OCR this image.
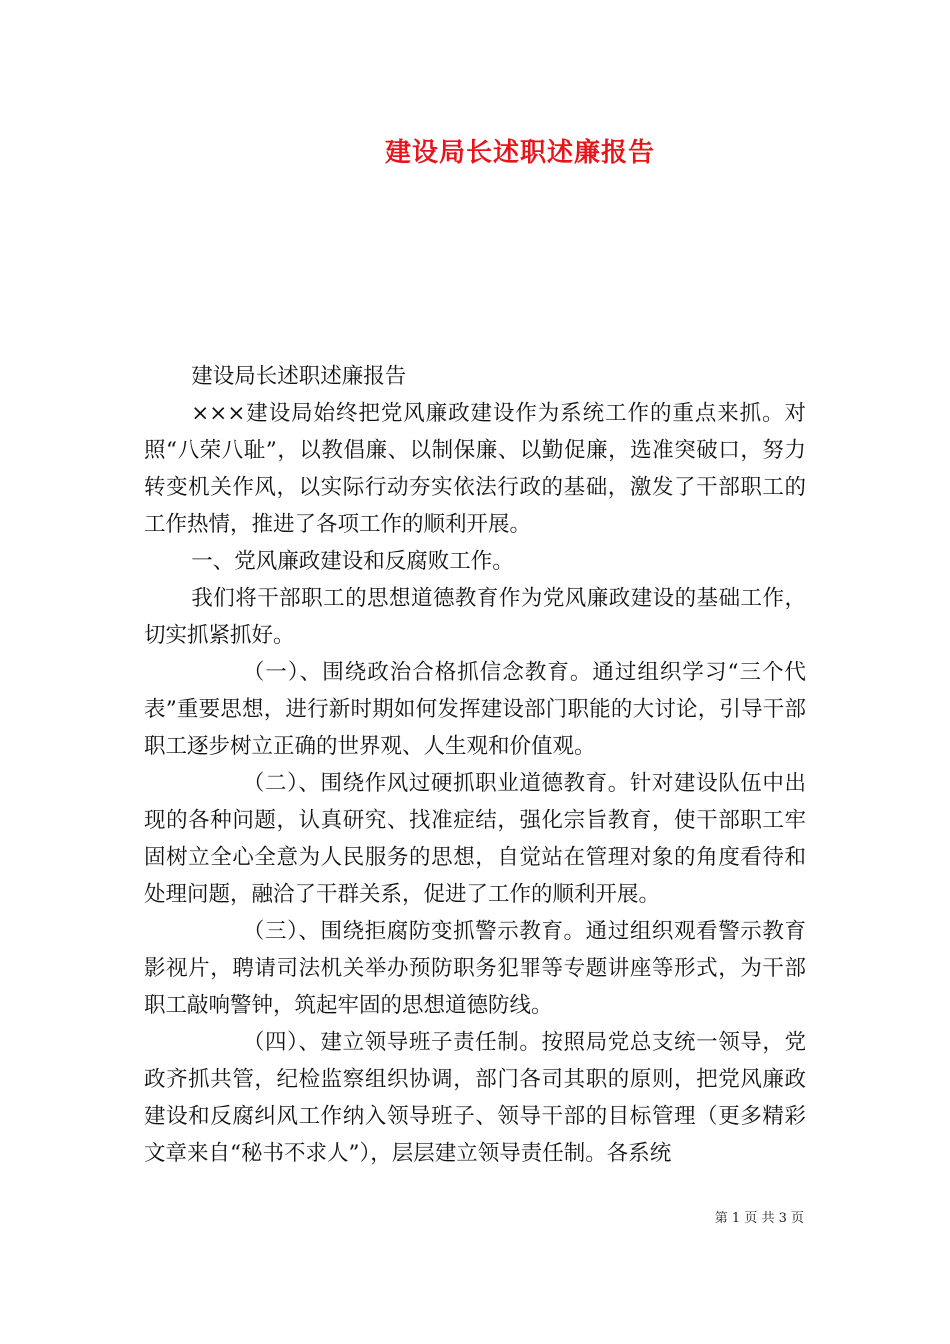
建设局长述职述廉报告

建设局长述职述廉报告

×××建设局始终把党风廉政建设作为系统工作的重点来抓。对照“八荣八耻”，以教倡廉、以制保廉、以勤促廉，选准突破口，努力转变机关作风，以实际行动夯实依法行政的基础，激发了干部职工的工作热情，推进了各项工作的顺利开展。

一、党风廉政建设和反腐败工作。

我们将干部职工的思想道德教育作为党风廉政建设的基础工作，切实抓紧抓好。

（一）、围绕政治合格抓信念教育。通过组织学习“三个代表”重要思想，进行新时期如何发挥建设部门职能的大讨论，引导干部职工逐步树立正确的世界观、人生观和价值观。

（二）、围绕作风过硬抓职业道德教育。针对建设队伍中出现的各种问题，认真研究、找准症结，强化宗旨教育，使干部职工牢固树立全心全意为人民服务的思想，自觉站在管理对象的角度看待和处理问题，融洽了干群关系，促进了工作的顺利开展。

（三）、围绕拒腐防变抓警示教育。通过组织观看警示教育影视片，聘请司法机关举办预防职务犯罪等专题讲座等形式，为干部职工敲响警钟，筑起牢固的思想道德防线。

（四）、建立领导班子责任制。按照局党总支统一领导，党政齐抓共管，纪检监察组织协调，部门各司其职的原则，把党风廉政建设和反腐纠风工作纳入领导班子、领导干部的目标管理（更多精彩文章来自“秘书不求人”），层层建立领导责任制。各系统

第 1 页 共 3 页
